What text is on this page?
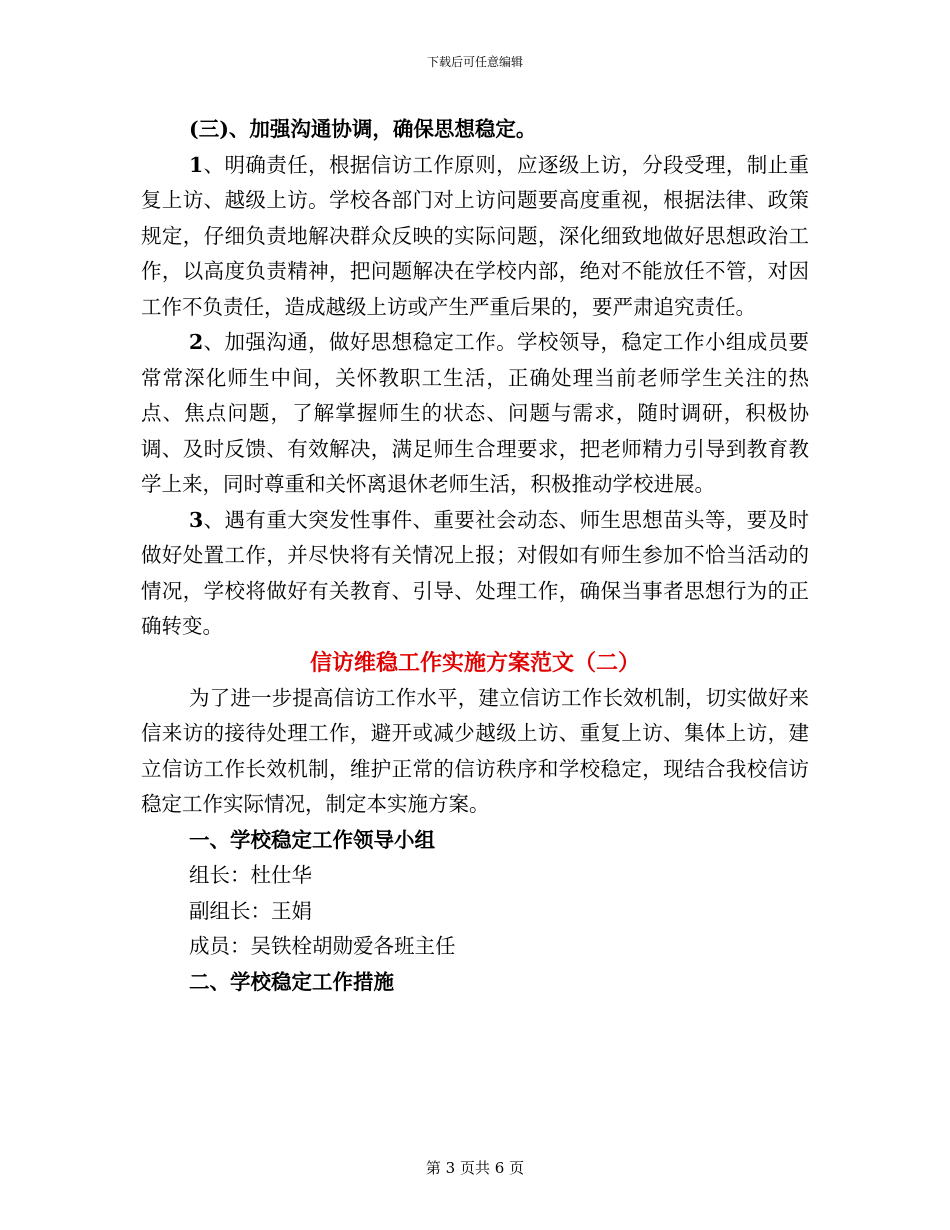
下载后可任意编辑

(三)、加强沟通协调，确保思想稳定。

1、明确责任，根据信访工作原则，应逐级上访，分段受理，制止重复上访、越级上访。学校各部门对上访问题要高度重视，根据法律、政策规定，仔细负责地解决群众反映的实际问题，深化细致地做好思想政治工作，以高度负责精神，把问题解决在学校内部，绝对不能放任不管，对因工作不负责任，造成越级上访或产生严重后果的，要严肃追究责任。

2、加强沟通，做好思想稳定工作。学校领导，稳定工作小组成员要常常深化师生中间，关怀教职工生活，正确处理当前老师学生关注的热点、焦点问题，了解掌握师生的状态、问题与需求，随时调研，积极协调、及时反馈、有效解决，满足师生合理要求，把老师精力引导到教育教学上来，同时尊重和关怀离退休老师生活，积极推动学校进展。

3、遇有重大突发性事件、重要社会动态、师生思想苗头等，要及时做好处置工作，并尽快将有关情况上报；对假如有师生参加不恰当活动的情况，学校将做好有关教育、引导、处理工作，确保当事者思想行为的正确转变。

信访维稳工作实施方案范文（二）

为了进一步提高信访工作水平，建立信访工作长效机制，切实做好来信来访的接待处理工作，避开或减少越级上访、重复上访、集体上访，建立信访工作长效机制，维护正常的信访秩序和学校稳定，现结合我校信访稳定工作实际情况，制定本实施方案。

一、学校稳定工作领导小组

组长：杜仕华

副组长：王娟

成员：吴铁栓胡勋爱各班主任

二、学校稳定工作措施

第 3 页共 6 页
